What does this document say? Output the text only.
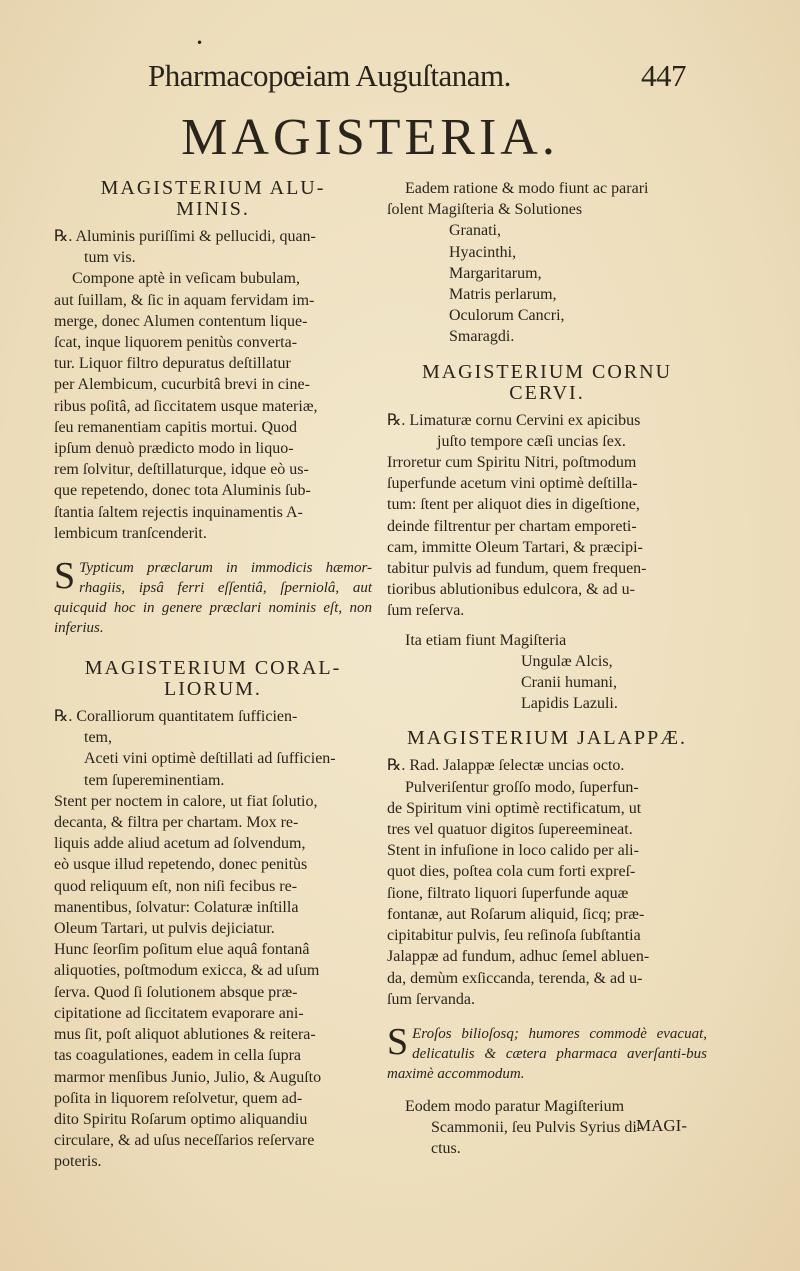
•
Pharmacopœiam Auguſtanam.	447
MAGISTERIA.
MAGISTERIUM ALU-
MINIS.

℞. Aluminis puriſſimi & pellucidi, quan-

tum vis.

Compone aptè in veſicam bubulam,

aut ſuillam, & ſic in aquam fervidam im-

merge, donec Alumen contentum lique-

ſcat, inque liquorem penitùs converta-

tur. Liquor filtro depuratus deſtillatur

per Alembicum, cucurbitâ brevi in cine-

ribus poſitâ, ad ſiccitatem usque materiæ,

ſeu remanentiam capitis mortui. Quod

ipſum denuò prædicto modo in liquo-

rem ſolvitur, deſtillaturque, idque eò us-

que repetendo, donec tota Aluminis ſub-

ſtantia ſaltem rejectis inquinamentis A-

lembicum tranſcenderit.

S Typticum præclarum in immodicis hæmor-rhagiis, ipsâ ferri eſſentiâ, ſperniolâ, aut quicquid hoc in genere præclari nominis eſt, non inferius.

MAGISTERIUM CORAL-
LIORUM.

℞. Coralliorum quantitatem ſufficien-

tem,

Aceti vini optimè deſtillati ad ſufficien-

tem ſupereminentiam.

Stent per noctem in calore, ut fiat ſolutio,

decanta, & filtra per chartam. Mox re-

liquis adde aliud acetum ad ſolvendum,

eò usque illud repetendo, donec penitùs

quod reliquum eſt, non niſi fecibus re-

manentibus, ſolvatur: Colaturæ inſtilla

Oleum Tartari, ut pulvis dejiciatur.

Hunc ſeorſim poſitum elue aquâ fontanâ

aliquoties, poſtmodum exicca, & ad uſum

ſerva. Quod ſi ſolutionem absque præ-

cipitatione ad ſiccitatem evaporare ani-

mus ſit, poſt aliquot ablutiones & reitera-

tas coagulationes, eadem in cella ſupra

marmor menſibus Junio, Julio, & Auguſto

poſita in liquorem reſolvetur, quem ad-

dito Spiritu Roſarum optimo aliquandiu

circulare, & ad uſus neceſſarios reſervare

poteris.

Eadem ratione & modo fiunt ac parari

ſolent Magiſteria & Solutiones

Granati,
Hyacinthi,
Margaritarum,
Matris perlarum,
Oculorum Cancri,
Smaragdi.
MAGISTERIUM CORNU
CERVI.

℞. Limaturæ cornu Cervini ex apicibus

juſto tempore cæſi uncias ſex.

Irroretur cum Spiritu Nitri, poſtmodum

ſuperfunde acetum vini optimè deſtilla-

tum: ſtent per aliquot dies in digeſtione,

deinde filtrentur per chartam emporeti-

cam, immitte Oleum Tartari, & præcipi-

tabitur pulvis ad fundum, quem frequen-

tioribus ablutionibus edulcora, & ad u-

ſum reſerva.

Ita etiam fiunt Magiſteria

Ungulæ Alcis,
Cranii humani,
Lapidis Lazuli.
MAGISTERIUM JALAPPÆ.

℞. Rad. Jalappæ ſelectæ uncias octo.

Pulveriſentur groſſo modo, ſuperfun-

de Spiritum vini optimè rectificatum, ut

tres vel quatuor digitos ſupereemineat.

Stent in infuſione in loco calido per ali-

quot dies, poſtea cola cum forti expreſ-

ſione, filtrato liquori ſuperfunde aquæ

fontanæ, aut Roſarum aliquid, ſicq; præ-

cipitabitur pulvis, ſeu reſinoſa ſubſtantia

Jalappæ ad fundum, adhuc ſemel abluen-

da, demùm exſiccanda, terenda, & ad u-

ſum ſervanda.

S Eroſos bilioſosq; humores commodè evacuat, delicatulis & cætera pharmaca averſanti-bus maximè accommodum.

Eodem modo paratur Magiſterium

Scammonii, ſeu Pulvis Syrius di-

ctus.

MAGI-
